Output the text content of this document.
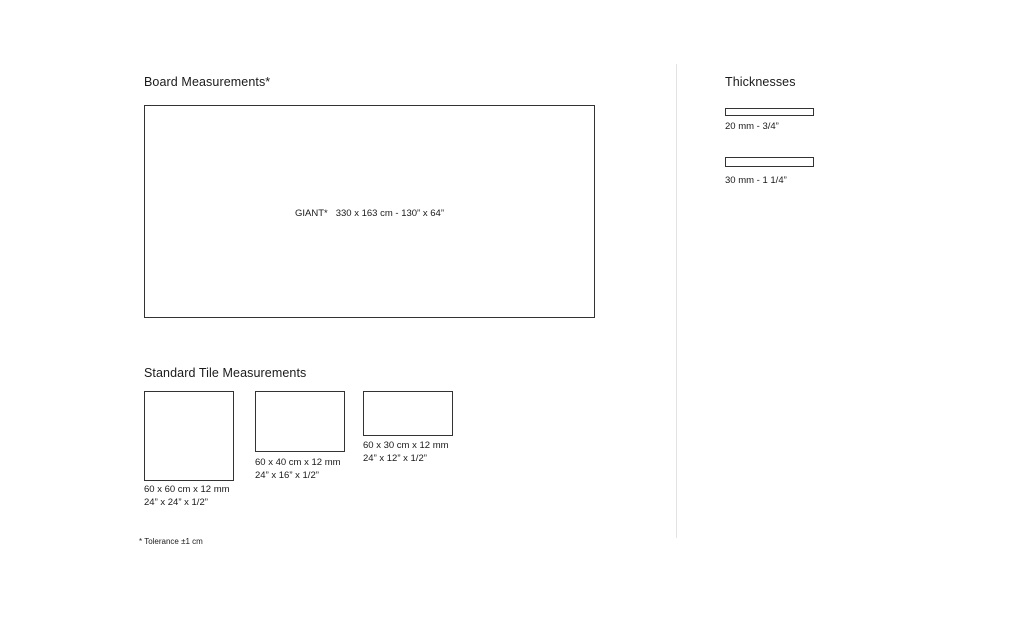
Board Measurements*
GIANT* 330 x 163 cm - 130” x 64”
Standard Tile Measurements
60 x 60 cm x 12 mm
24” x 24” x 1/2”
60 x 40 cm x 12 mm
24” x 16” x 1/2”
60 x 30 cm x 12 mm
24” x 12” x 1/2”
* Tolerance ±1 cm
Thicknesses
20 mm - 3/4”
30 mm - 1 1/4”
